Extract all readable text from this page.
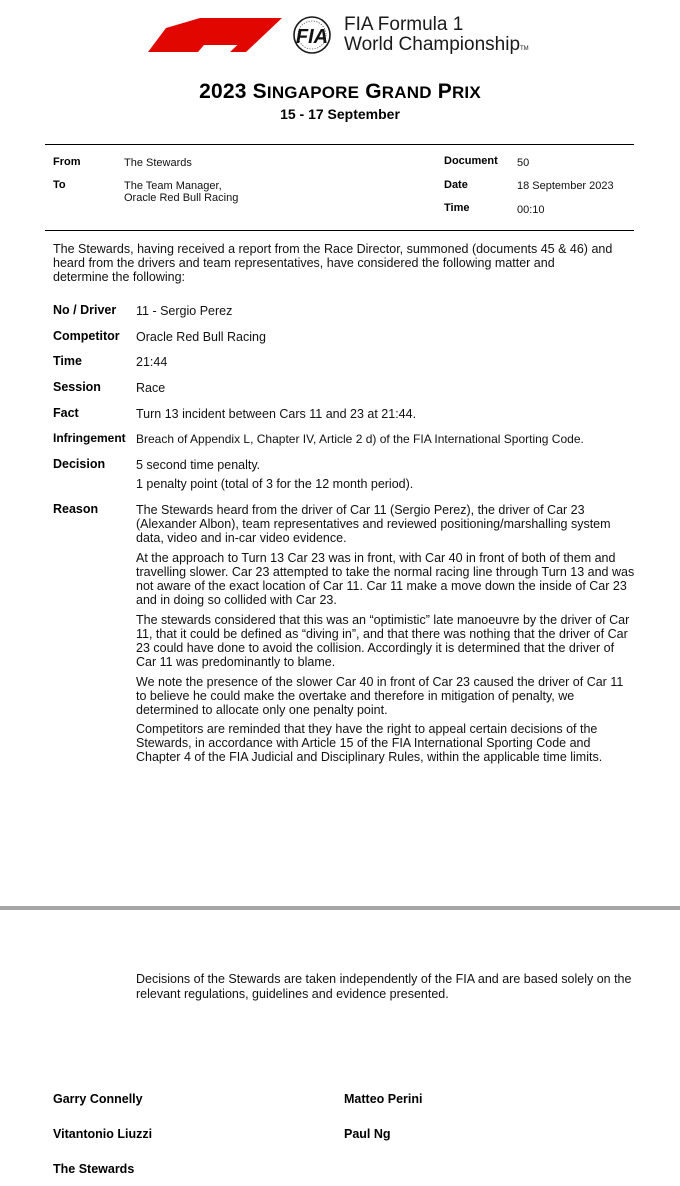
FIA
FIA Formula 1
World ChampionshipTM
2023 SINGAPORE GRAND PRIX
15 - 17 September
From	The Stewards
To	The Team Manager,
Oracle Red Bull Racing
Document 50
Date	18 September 2023
Time	00:10
The Stewards, having received a report from the Race Director, summoned (documents 45 & 46) and heard from the drivers and team representatives, have considered the following matter and determine the following:
No / Driver 11 - Sergio Perez
Competitor Oracle Red Bull Racing
Time	21:44
Session	Race
Fact	Turn 13 incident between Cars 11 and 23 at 21:44.
Infringement Breach of Appendix L, Chapter IV, Article 2 d) of the FIA International Sporting Code.
Decision 5 second time penalty.
1 penalty point (total of 3 for the 12 month period).
Reason	The Stewards heard from the driver of Car 11 (Sergio Perez), the driver of Car 23 (Alexander Albon), team representatives and reviewed positioning/marshalling system data, video and in-car video evidence.
At the approach to Turn 13 Car 23 was in front, with Car 40 in front of both of them and travelling slower. Car 23 attempted to take the normal racing line through Turn 13 and was not aware of the exact location of Car 11. Car 11 make a move down the inside of Car 23 and in doing so collided with Car 23.
The stewards considered that this was an “optimistic” late manoeuvre by the driver of Car 11, that it could be defined as “diving in”, and that there was nothing that the driver of Car 23 could have done to avoid the collision. Accordingly it is determined that the driver of Car 11 was predominantly to blame.
We note the presence of the slower Car 40 in front of Car 23 caused the driver of Car 11 to believe he could make the overtake and therefore in mitigation of penalty, we determined to allocate only one penalty point.
Competitors are reminded that they have the right to appeal certain decisions of the Stewards, in accordance with Article 15 of the FIA International Sporting Code and Chapter 4 of the FIA Judicial and Disciplinary Rules, within the applicable time limits.
Decisions of the Stewards are taken independently of the FIA and are based solely on the relevant regulations, guidelines and evidence presented.
Garry Connelly	Matteo Perini
Vitantonio Liuzzi	Paul Ng
The Stewards
